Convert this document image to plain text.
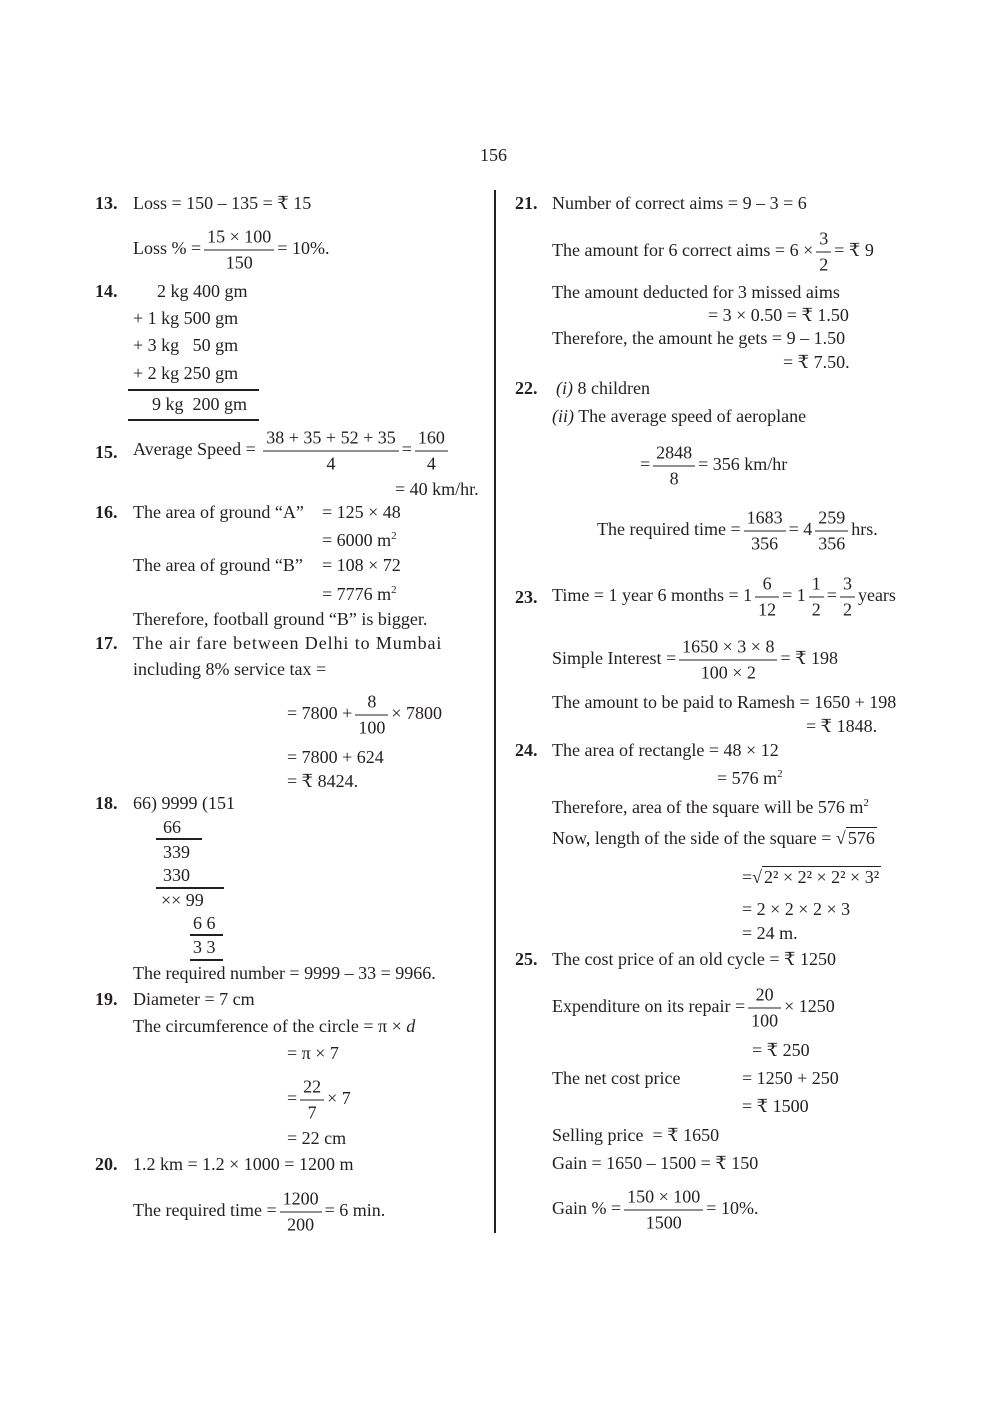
156
13. Loss = 150 – 135 = ₹ 15
Loss % = $\frac{15 \times 100}{150} = 10\%$.
14. 2 kg 400 gm
+ 1 kg 500 gm
+ 3 kg   50 gm
+ 2 kg 250 gm
9 kg  200 gm
15. Average Speed = $\frac{38 + 35 + 52 + 35}{4} = \frac{160}{4}$
= 40 km/hr.
16. The area of ground “A” = 125 × 48
= 6000 $m^2$
The area of ground “B” = 108 × 72
= 7776 $m^2$
Therefore, football ground “B” is bigger.
17. The air fare between Delhi to Mumbai
including 8% service tax =
= $7800 + \frac{8}{100} \times 7800$
= 7800 + 624
= ₹ 8424.
18. 66) 9999 (151
66
339
330
×× 99
6 6
3 3
The required number = 9999 – 33 = 9966.
19. Diameter = 7 cm
The circumference of the circle = π × d
= π × 7
= $\frac{22}{7} \times 7$
= 22 cm
20. 1.2 km = 1.2 × 1000 = 1200 m
The required time = $\frac{1200}{200} = 6$ min.
21. Number of correct aims = 9 – 3 = 6
The amount for 6 correct aims = $6 \times \frac{3}{2}$ = ₹ 9
The amount deducted for 3 missed aims
= 3 × 0.50 = ₹ 1.50
Therefore, the amount he gets = 9 – 1.50
= ₹ 7.50.
22. (i) 8 children
(ii) The average speed of aeroplane
= $\frac{2848}{8} = 356$ km/hr
The required time = $\frac{1683}{356} = 4 \frac{259}{356}$ hrs.
23. Time = 1 year 6 months = $1 \frac{6}{12} = 1 \frac{1}{2} = \frac{3}{2}$ years
Simple Interest = $\frac{1650 \times 3 \times 8}{100 \times 2}$ = ₹ 198
The amount to be paid to Ramesh = 1650 + 198
= ₹ 1848.
24. The area of rectangle = 48 × 12
= 576 $m^2$
Therefore, area of the square will be 576 $m^2$
Now, length of the side of the square = √ 576
=√ 2² × 2² × 2² × 3²
= 2 × 2 × 2 × 3
= 24 m.
25. The cost price of an old cycle = ₹ 1250
Expenditure on its repair = $\frac{20}{100} \times 1250$
= ₹ 250
The net cost price	= 1250 + 250
= ₹ 1500
Selling price  = ₹ 1650
Gain = 1650 – 1500 = ₹ 150
Gain % = $\frac{150 \times 100}{1500} = 10\%$.
